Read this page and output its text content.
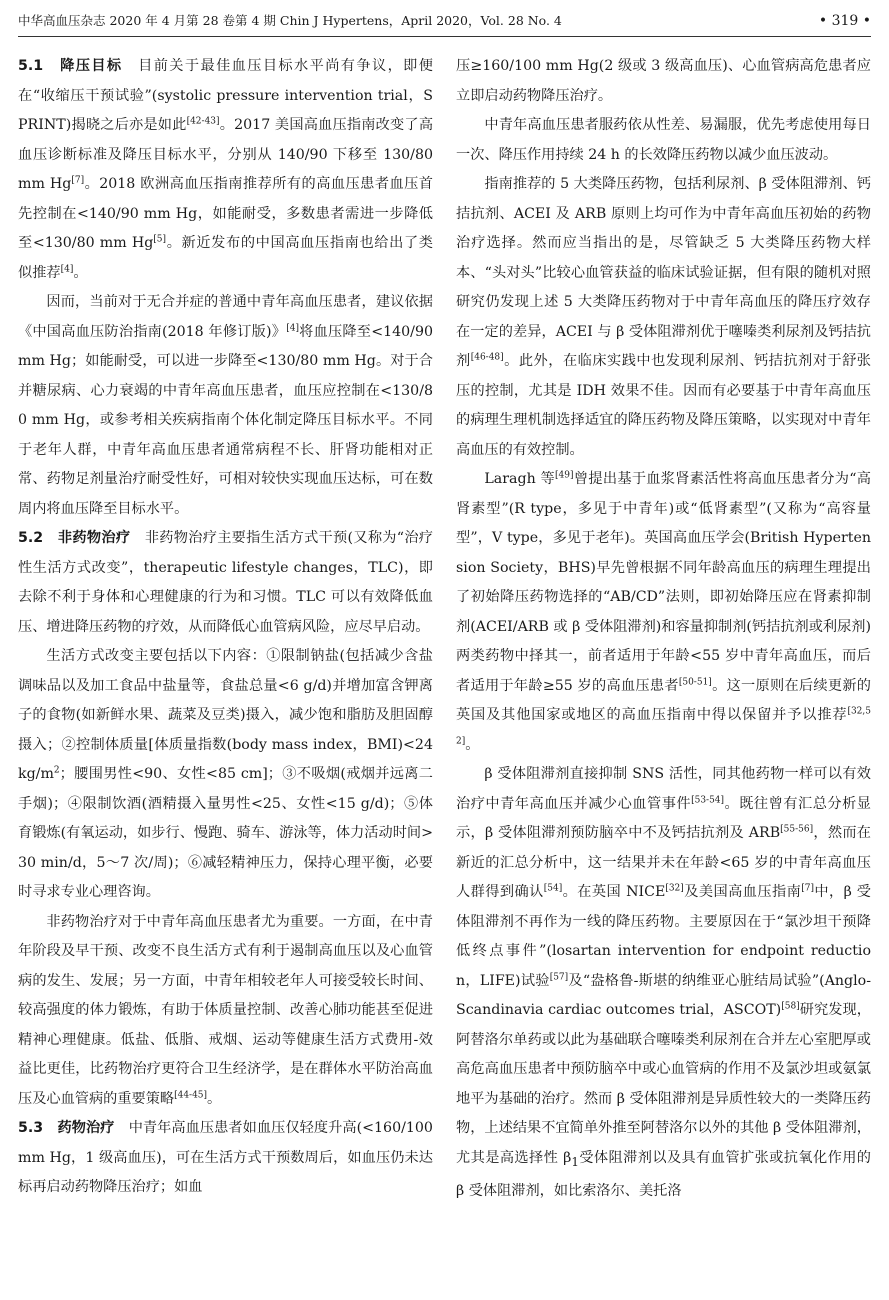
中华高血压杂志 2020 年 4 月第 28 卷第 4 期 Chin J Hypertens，April 2020，Vol. 28 No. 4	• 319 •

5.1　 降压目标　 目前关于最佳血压目标水平尚有争议，即便在“收缩压干预试验”(systolic pressure intervention trial，SPRINT)揭晓之后亦是如此[42-43]。2017 美国高血压指南改变了高血压诊断标准及降压目标水平，分别从 140/90 下移至 130/80 mm Hg[7]。2018 欧洲高血压指南推荐所有的高血压患者血压首先控制在<140/90 mm Hg，如能耐受，多数患者需进一步降低至<130/80 mm Hg[5]。新近发布的中国高血压指南也给出了类似推荐[4]。

因而，当前对于无合并症的普通中青年高血压患者，建议依据《中国高血压防治指南(2018 年修订版)》[4]将血压降至<140/90 mm Hg；如能耐受，可以进一步降至<130/80 mm Hg。对于合并糖尿病、心力衰竭的中青年高血压患者，血压应控制在<130/80 mm Hg，或参考相关疾病指南个体化制定降压目标水平。不同于老年人群，中青年高血压患者通常病程不长、肝肾功能相对正常、药物足剂量治疗耐受性好，可相对较快实现血压达标，可在数周内将血压降至目标水平。

5.2　 非药物治疗　 非药物治疗主要指生活方式干预(又称为“治疗性生活方式改变”，therapeutic lifestyle changes，TLC)，即去除不利于身体和心理健康的行为和习惯。TLC 可以有效降低血压、增进降压药物的疗效，从而降低心血管病风险，应尽早启动。

生活方式改变主要包括以下内容：①限制钠盐(包括减少含盐调味品以及加工食品中盐量等，食盐总量<6 g/d)并增加富含钾离子的食物(如新鲜水果、蔬菜及豆类)摄入，减少饱和脂肪及胆固醇摄入；②控制体质量[体质量指数(body mass index，BMI)<24 $kg/m^2$；腰围男性<90、女性<85 cm]；③不吸烟(戒烟并远离二手烟)；④限制饮酒(酒精摄入量男性<25、女性<15 g/d)；⑤体育锻炼(有氧运动，如步行、慢跑、骑车、游泳等，体力活动时间>30 min/d，5～7 次/周)；⑥减轻精神压力，保持心理平衡，必要时寻求专业心理咨询。

非药物治疗对于中青年高血压患者尤为重要。一方面，在中青年阶段及早干预、改变不良生活方式有利于遏制高血压以及心血管病的发生、发展；另一方面，中青年相较老年人可接受较长时间、较高强度的体力锻炼，有助于体质量控制、改善心肺功能甚至促进精神心理健康。低盐、低脂、戒烟、运动等健康生活方式费用-效益比更佳，比药物治疗更符合卫生经济学，是在群体水平防治高血压及心血管病的重要策略[44-45]。

5.3　 药物治疗　 中青年高血压患者如血压仅轻度升高(<160/100 mm Hg，1 级高血压)，可在生活方式干预数周后，如血压仍未达标再启动药物降压治疗；如血

压≥160/100 mm Hg(2 级或 3 级高血压)、心血管病高危患者应立即启动药物降压治疗。

中青年高血压患者服药依从性差、易漏服，优先考虑使用每日一次、降压作用持续 24 h 的长效降压药物以减少血压波动。

指南推荐的 5 大类降压药物，包括利尿剂、β 受体阻滞剂、钙拮抗剂、ACEI 及 ARB 原则上均可作为中青年高血压初始的药物治疗选择。然而应当指出的是，尽管缺乏 5 大类降压药物大样本、“头对头”比较心血管获益的临床试验证据，但有限的随机对照研究仍发现上述 5 大类降压药物对于中青年高血压的降压疗效存在一定的差异，ACEI 与 β 受体阻滞剂优于噻嗪类利尿剂及钙拮抗剂[46-48]。此外，在临床实践中也发现利尿剂、钙拮抗剂对于舒张压的控制，尤其是 IDH 效果不佳。因而有必要基于中青年高血压的病理生理机制选择适宜的降压药物及降压策略，以实现对中青年高血压的有效控制。

Laragh 等[49]曾提出基于血浆肾素活性将高血压患者分为“高肾素型”(R type，多见于中青年)或“低肾素型”(又称为“高容量型”，V type，多见于老年)。英国高血压学会(British Hypertension Society，BHS)早先曾根据不同年龄高血压的病理生理提出了初始降压药物选择的“AB/CD”法则，即初始降压应在肾素抑制剂(ACEI/ARB 或 β 受体阻滞剂)和容量抑制剂(钙拮抗剂或利尿剂)两类药物中择其一，前者适用于年龄<55 岁中青年高血压，而后者适用于年龄≥55 岁的高血压患者[50-51]。这一原则在后续更新的英国及其他国家或地区的高血压指南中得以保留并予以推荐[32,52]。

β 受体阻滞剂直接抑制 SNS 活性，同其他药物一样可以有效治疗中青年高血压并减少心血管事件[53-54]。既往曾有汇总分析显示，β 受体阻滞剂预防脑卒中不及钙拮抗剂及 ARB[55-56]，然而在新近的汇总分析中，这一结果并未在年龄<65 岁的中青年高血压人群得到确认[54]。在英国 NICE[32]及美国高血压指南[7]中，β 受体阻滞剂不再作为一线的降压药物。主要原因在于“氯沙坦干预降低终点事件”(losartan intervention for endpoint reduction，LIFE)试验[57]及“盎格鲁-斯堪的纳维亚心脏结局试验”(Anglo-Scandinavia cardiac outcomes trial，ASCOT)[58]研究发现，阿替洛尔单药或以此为基础联合噻嗪类利尿剂在合并左心室肥厚或高危高血压患者中预防脑卒中或心血管病的作用不及氯沙坦或氨氯地平为基础的治疗。然而 β 受体阻滞剂是异质性较大的一类降压药物，上述结果不宜简单外推至阿替洛尔以外的其他 β 受体阻滞剂，尤其是高选择性 $\beta_1$受体阻滞剂以及具有血管扩张或抗氧化作用的 β 受体阻滞剂，如比索洛尔、美托洛
